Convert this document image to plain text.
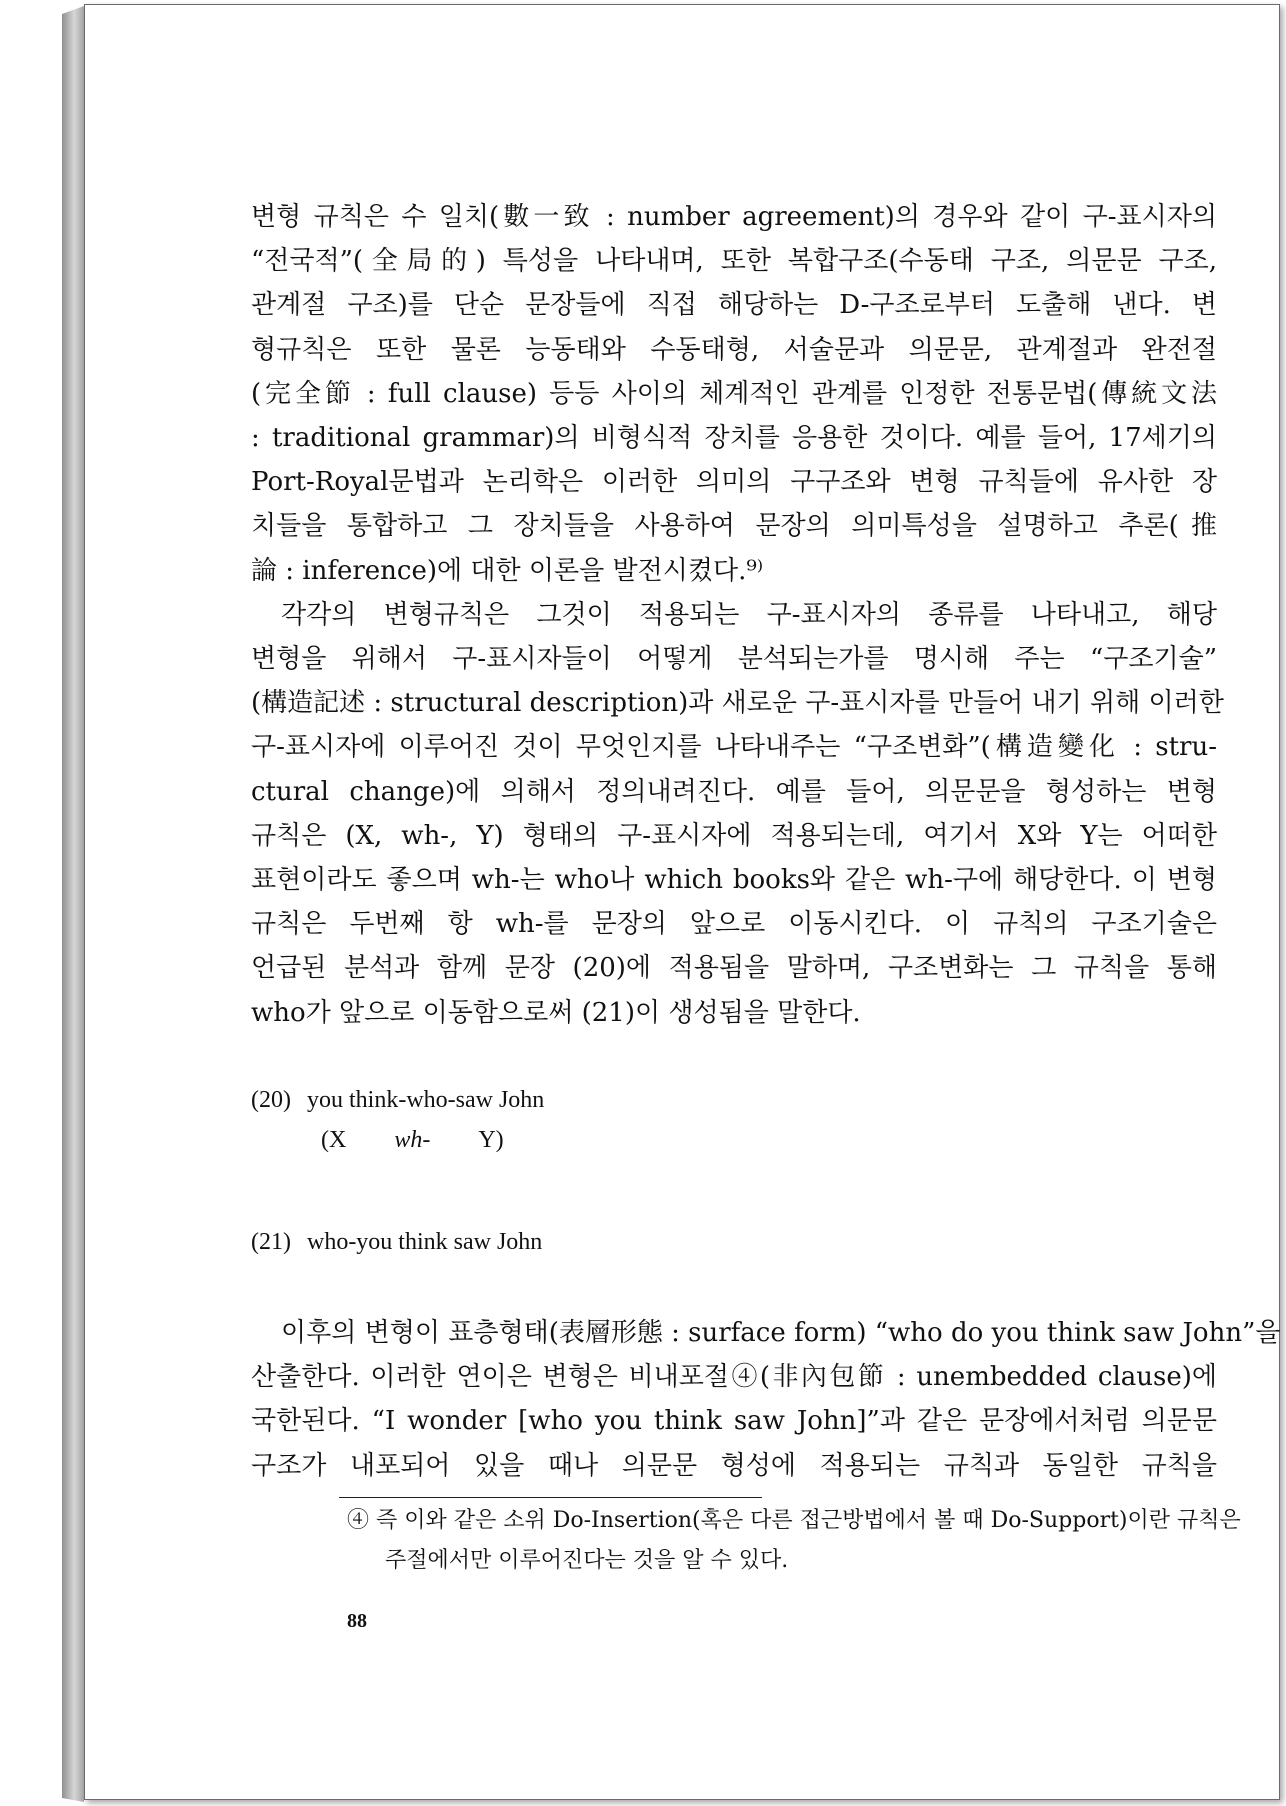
변형 규칙은 수 일치(數一致 : number agreement)의 경우와 같이 구-표시자의
“전국적”(全局的) 특성을 나타내며, 또한 복합구조(수동태 구조, 의문문 구조,
관계절 구조)를 단순 문장들에 직접 해당하는 D-구조로부터 도출해 낸다. 변
형규칙은 또한 물론 능동태와 수동태형, 서술문과 의문문, 관계절과 완전절
(完全節 : full clause) 등등 사이의 체계적인 관계를 인정한 전통문법(傳統文法
: traditional grammar)의 비형식적 장치를 응용한 것이다. 예를 들어, 17세기의
Port-Royal문법과 논리학은 이러한 의미의 구구조와 변형 규칙들에 유사한 장
치들을 통합하고 그 장치들을 사용하여 문장의 의미특성을 설명하고 추론(推
論 : inference)에 대한 이론을 발전시켰다.⁹⁾

각각의 변형규칙은 그것이 적용되는 구-표시자의 종류를 나타내고, 해당
변형을 위해서 구-표시자들이 어떻게 분석되는가를 명시해 주는 “구조기술”
(構造記述 : structural description)과 새로운 구-표시자를 만들어 내기 위해 이러한
구-표시자에 이루어진 것이 무엇인지를 나타내주는 “구조변화”(構造變化 : stru-
ctural change)에 의해서 정의내려진다. 예를 들어, 의문문을 형성하는 변형
규칙은 (X, wh-, Y) 형태의 구-표시자에 적용되는데, 여기서 X와 Y는 어떠한
표현이라도 좋으며 wh-는 who나 which books와 같은 wh-구에 해당한다. 이 변형
규칙은 두번째 항 wh-를 문장의 앞으로 이동시킨다. 이 규칙의 구조기술은
언급된 분석과 함께 문장 (20)에 적용됨을 말하며, 구조변화는 그 규칙을 통해
who가 앞으로 이동함으로써 (21)이 생성됨을 말한다.

(20) you think-who-saw John
(X wh- Y)
(21) who-you think saw John

이후의 변형이 표층형태(表層形態 : surface form) “who do you think saw John”을
산출한다. 이러한 연이은 변형은 비내포절④(非內包節 : unembedded clause)에
국한된다. “I wonder [who you think saw John]”과 같은 문장에서처럼 의문문
구조가 내포되어 있을 때나 의문문 형성에 적용되는 규칙과 동일한 규칙을

④ 즉 이와 같은 소위 Do-Insertion(혹은 다른 접근방법에서 볼 때 Do-Support)이란 규칙은
주절에서만 이루어진다는 것을 알 수 있다.
88
